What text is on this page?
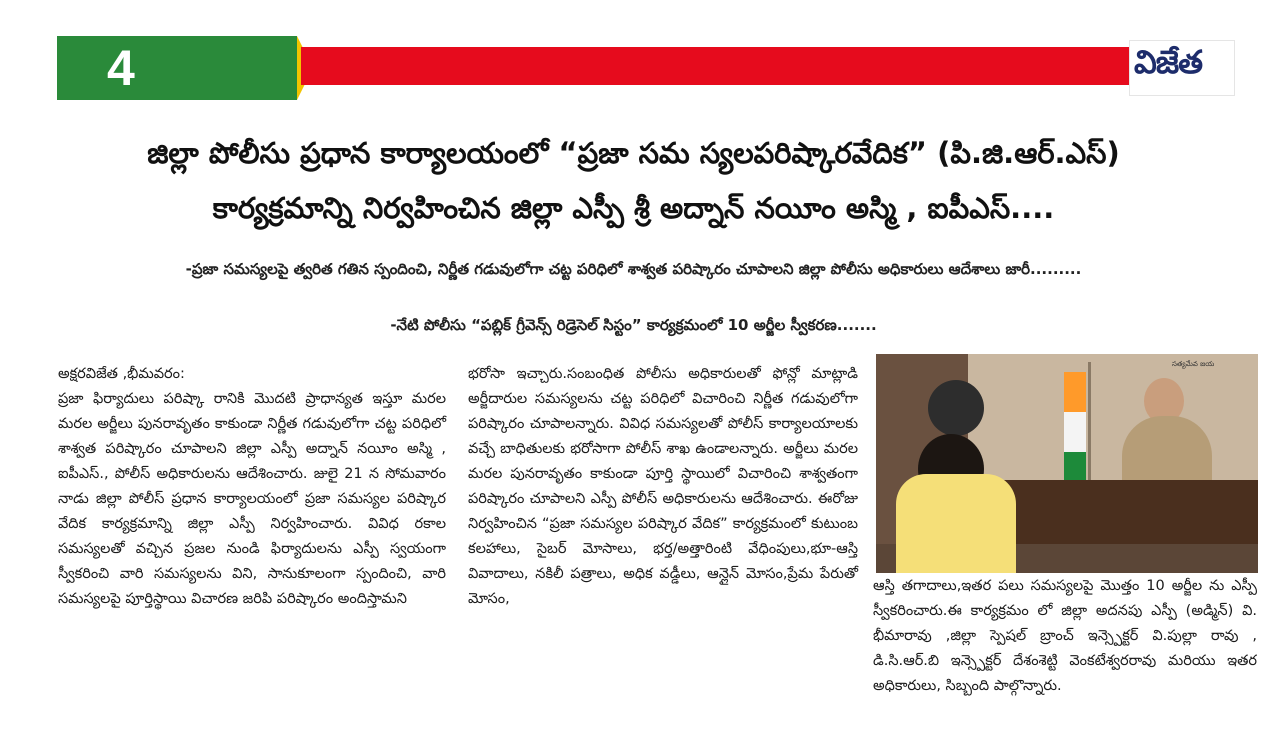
4	విజేత
జిల్లా పోలీసు ప్రధాన కార్యాలయంలో “ప్రజా సమ స్యలపరిష్కారవేదిక” (పి.జి.ఆర్.ఎస్)
కార్యక్రమాన్ని నిర్వహించిన జిల్లా ఎస్పీ శ్రీ అద్నాన్ నయీం అస్మి , ఐపీఎస్....
-ప్రజా సమస్యలపై త్వరిత గతిన స్పందించి, నిర్ణీత గడువులోగా చట్ట పరిధిలో శాశ్వత పరిష్కారం చూపాలని జిల్లా పోలీసు అధికారులు ఆదేశాలు జారీ.........
-నేటి పోలీసు “పబ్లిక్ గ్రీవెన్స్ రిడ్రెసెల్ సిస్టం” కార్యక్రమంలో 10 అర్జీల స్వీకరణ.......

అక్షరవిజేత ,భీమవరం:

ప్రజా ఫిర్యాదులు పరిష్కా రానికి మొదటి ప్రాధాన్యత ఇస్తూ మరల మరల అర్జీలు పునరావృతం కాకుండా నిర్ణీత గడువులోగా చట్ట పరిధిలో శాశ్వత పరిష్కారం చూపాలని జిల్లా ఎస్పీ అద్నాన్ నయీం అస్మి , ఐపీఎస్., పోలీస్ అధికారులను ఆదేశించారు. జులై 21 న సోమవారం నాడు జిల్లా పోలీస్ ప్రధాన కార్యాలయంలో ప్రజా సమస్యల పరిష్కార వేదిక కార్యక్రమాన్ని జిల్లా ఎస్పీ నిర్వహించారు. వివిధ రకాల సమస్యలతో వచ్చిన ప్రజల నుండి ఫిర్యాదులను ఎస్పీ స్వయంగా స్వీకరించి వారి సమస్యలను విని, సానుకూలంగా స్పందించి, వారి సమస్యలపై పూర్తిస్థాయి విచారణ జరిపి పరిష్కారం అందిస్తామని

భరోసా ఇచ్చారు.సంబంధిత పోలీసు అధికారులతో ఫోన్లో మాట్లాడి అర్జీదారుల సమస్యలను చట్ట పరిధిలో విచారించి నిర్ణీత గడువులోగా పరిష్కారం చూపాలన్నారు. వివిధ సమస్యలతో పోలీస్ కార్యాలయాలకు వచ్చే బాధితులకు భరోసాగా పోలీస్ శాఖ ఉండాలన్నారు. అర్జీలు మరల మరల పునరావృతం కాకుండా పూర్తి స్థాయిలో విచారించి శాశ్వతంగా పరిష్కారం చూపాలని ఎస్పీ పోలీస్ అధికారులను ఆదేశించారు. ఈరోజు నిర్వహించిన “ప్రజా సమస్యల పరిష్కార వేదిక” కార్యక్రమంలో కుటుంబ కలహాలు, సైబర్ మోసాలు, భర్త/అత్తారింటి వేధింపులు,భూ-ఆస్తి వివాదాలు, నకిలీ పత్రాలు, అధిక వడ్డీలు, ఆన్లైన్ మోసం,ప్రేమ పేరుతో మోసం,

సత్యమేవ జయ

ఆస్తి తగాదాలు,ఇతర పలు సమస్యలపై మొత్తం 10 అర్జీల ను ఎస్పీ స్వీకరించారు.ఈ కార్యక్రమం లో జిల్లా అదనపు ఎస్పీ (అడ్మిన్) వి. భీమారావు ,జిల్లా స్పెషల్ బ్రాంచ్ ఇన్స్పెక్టర్ వి.పుల్లా రావు , డి.సి.ఆర్.బి ఇన్స్పెక్టర్ దేశంశెట్టి వెంకటేశ్వరరావు మరియు ఇతర అధికారులు, సిబ్బంది పాల్గొన్నారు.
